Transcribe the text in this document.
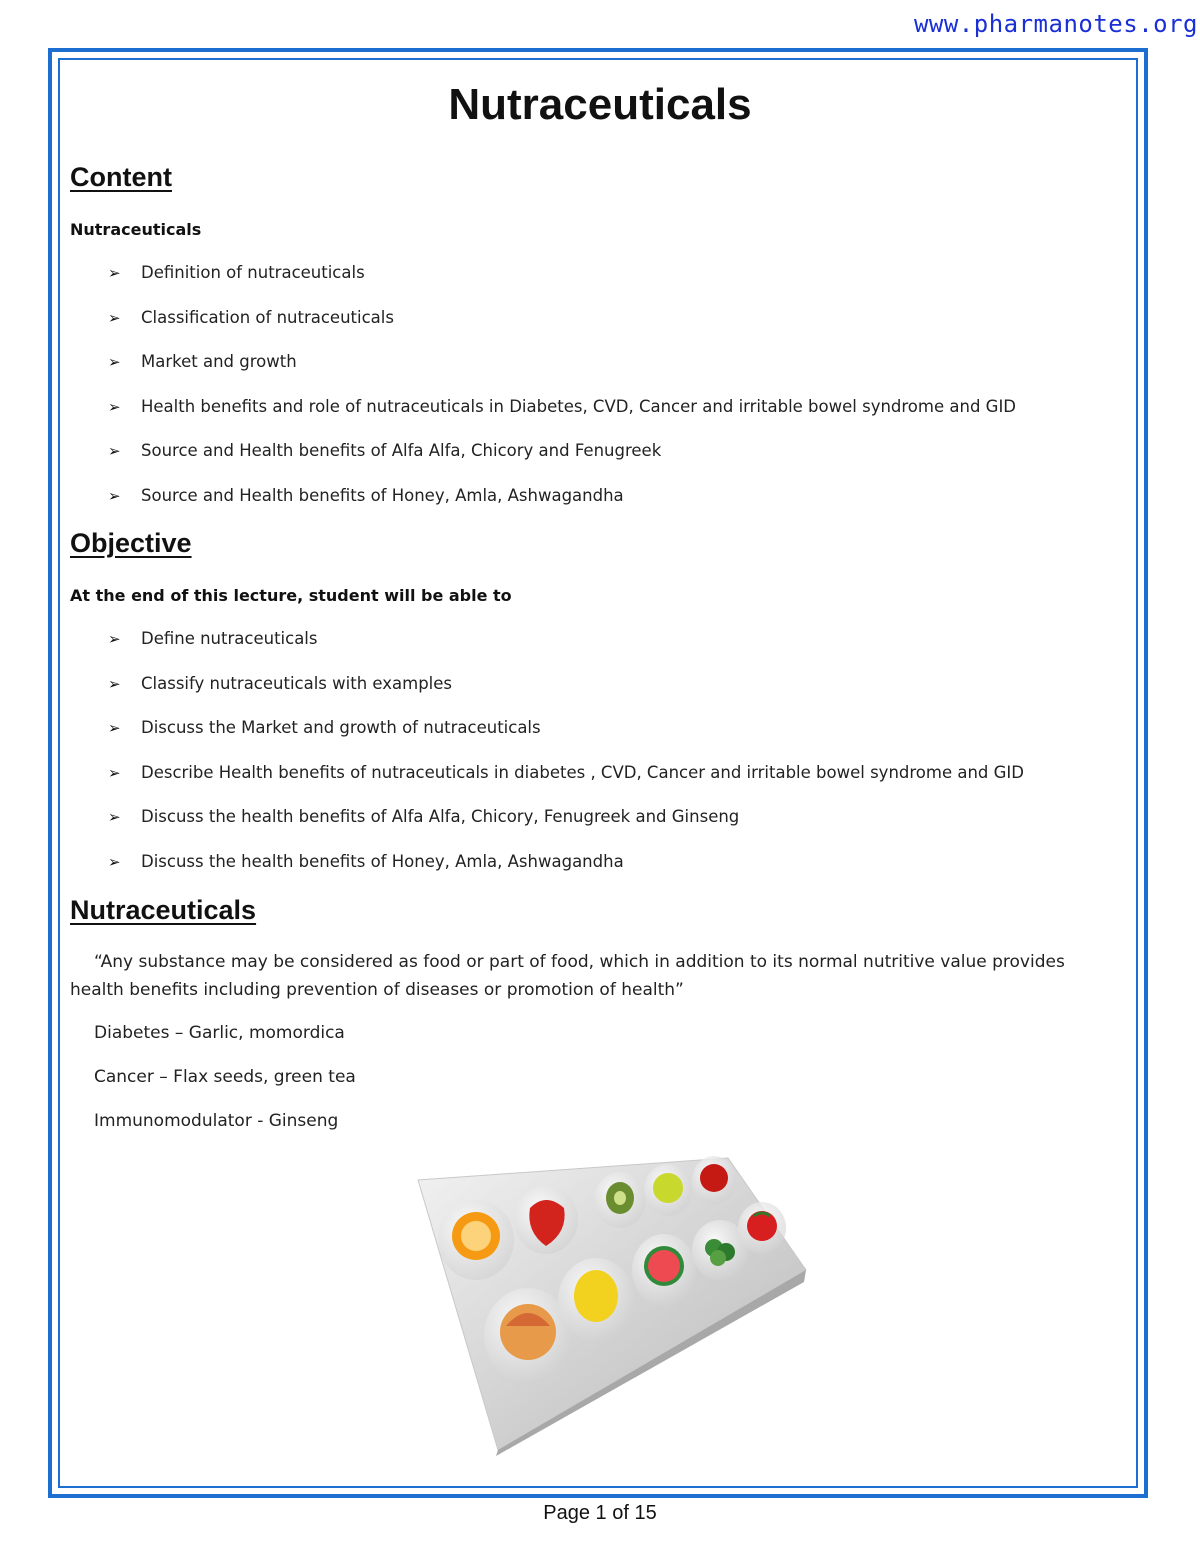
www.pharmanotes.org
Nutraceuticals
Content
Nutraceuticals
➢	Definition of nutraceuticals
➢	Classification of nutraceuticals
➢	Market and growth
➢	Health benefits and role of nutraceuticals in Diabetes, CVD, Cancer and irritable bowel syndrome and GID
➢	Source and Health benefits of Alfa Alfa, Chicory and Fenugreek
➢	Source and Health benefits of Honey, Amla, Ashwagandha
Objective
At the end of this lecture, student will be able to
➢	Define nutraceuticals
➢	Classify nutraceuticals with examples
➢	Discuss the Market and growth of nutraceuticals
➢	Describe Health benefits of nutraceuticals in diabetes , CVD, Cancer and irritable bowel syndrome and GID
➢	Discuss the health benefits of Alfa Alfa, Chicory, Fenugreek and Ginseng
➢	Discuss the health benefits of Honey, Amla, Ashwagandha
Nutraceuticals
“Any substance may be considered as food or part of food, which in addition to its normal nutritive value provides health benefits including prevention of diseases or promotion of health”
Diabetes – Garlic, momordica
Cancer – Flax seeds, green tea
Immunomodulator - Ginseng
Page 1 of 15
